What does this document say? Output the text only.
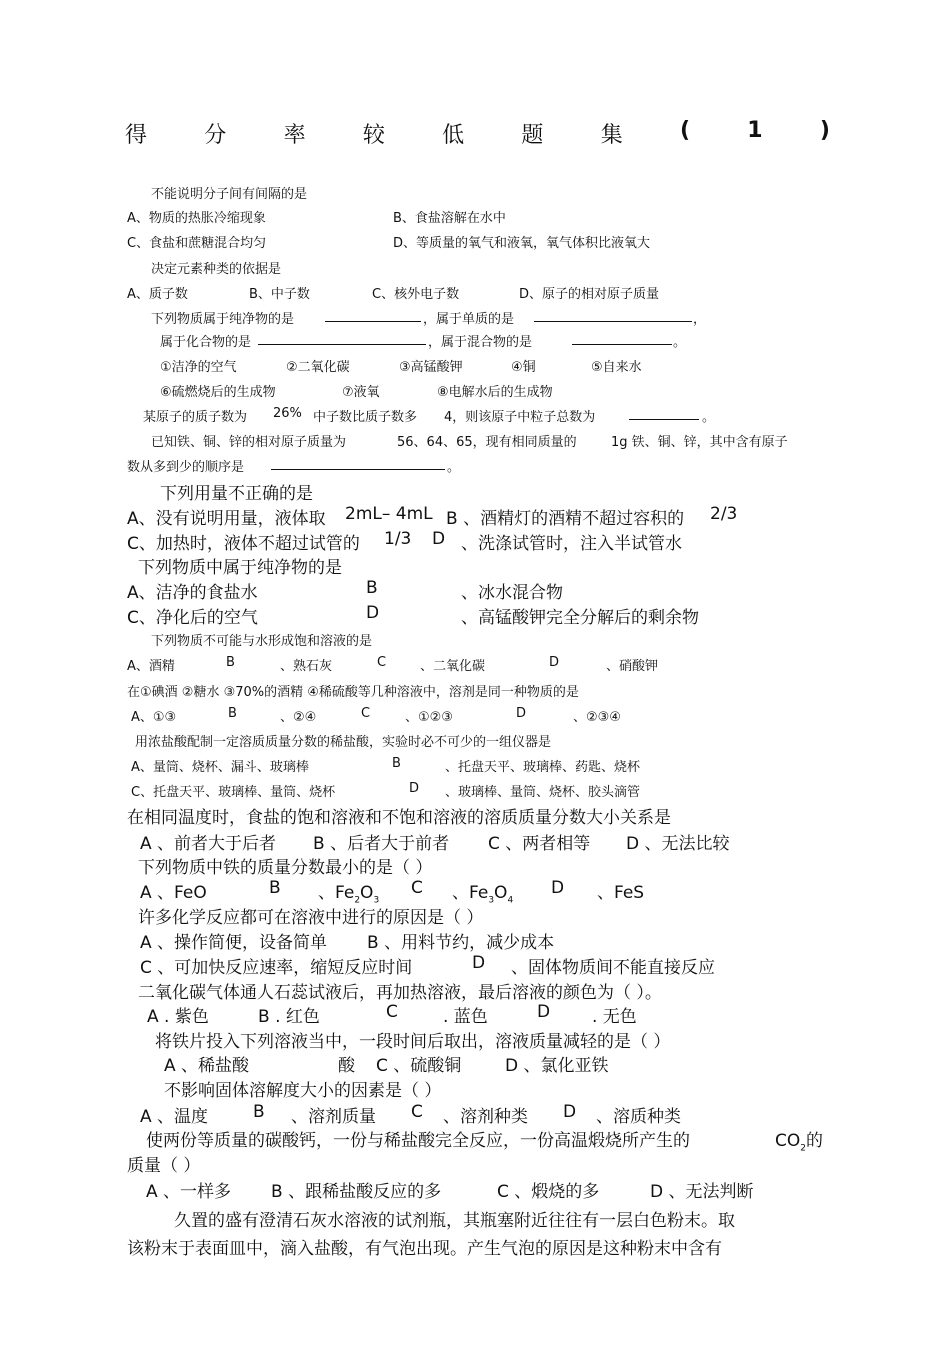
得	分	率	较	低	题	集	(	1	)

不能说明分子间有间隔的是

A、物质的热胀冷缩现象	B、食盐溶解在水中

C、食盐和蔗糖混合均匀	D、等质量的氧气和液氧，氧气体积比液氧大

决定元素种类的依据是

A、质子数	B、中子数	C、核外电子数	D、原子的相对原子质量

下列物质属于纯净物的是	，属于单质的是	，

属于化合物的是	，属于混合物的是	。

①洁净的空气	②二氧化碳	③高锰酸钾	④铜	⑤自来水

⑥硫燃烧后的生成物	⑦液氧	⑧电解水后的生成物

某原子的质子数为 26% 中子数比质子数多 4，则该原子中粒子总数为	。

已知铁、铜、锌的相对原子质量为	56、64、65，现有相同质量的	1g 铁、铜、锌，其中含有原子

数从多到少的顺序是	。

下列用量不正确的是

A、没有说明用量，液体取 2mL– 4mL B 、酒精灯的酒精不超过容积的 2/3

C、加热时，液体不超过试管的 1/3 D 、洗涤试管时，注入半试管水

下列物质中属于纯净物的是

A、洁净的食盐水	B	、冰水混合物

C、净化后的空气	D	、高锰酸钾完全分解后的剩余物

下列物质不可能与水形成饱和溶液的是

A、酒精	B	、熟石灰	C	、二氧化碳	D	、硝酸钾

在①碘酒 ②糖水 ③70%的酒精 ④稀硫酸等几种溶液中，溶剂是同一种物质的是

A、①③	B	、②④	C	、①②③	D	、②③④

用浓盐酸配制一定溶质质量分数的稀盐酸，实验时必不可少的一组仪器是

A、量筒、烧杯、漏斗、玻璃棒	B	、托盘天平、玻璃棒、药匙、烧杯

C、托盘天平、玻璃棒、量筒、烧杯	D 、玻璃棒、量筒、烧杯、胶头滴管

在相同温度时，食盐的饱和溶液和不饱和溶液的溶质质量分数大小关系是

A 、前者大于后者 B 、后者大于前者 C 、两者相等 D 、无法比较

下列物质中铁的质量分数最小的是（ ）

A 、FeO	B 、$Fe_2O_3$

C 、$Fe_3O_4$

D 、FeS

许多化学反应都可在溶液中进行的原因是（ ）

A 、操作简便，设备简单 B 、用料节约，减少成本

C 、可加快反应速率，缩短反应时间	D 、固体物质间不能直接反应

二氧化碳气体通人石蕊试液后，再加热溶液，最后溶液的颜色为（ ）。

A . 紫色	B . 红色	C	. 蓝色	D . 无色

将铁片投入下列溶液当中，一段时间后取出，溶液质量减轻的是（ ）

A 、稀盐酸	酸 C 、硫酸铜	D 、氯化亚铁

不影响固体溶解度大小的因素是（ ）

A 、温度	B 、溶剂质量 C 、溶剂种类 D 、溶质种类

使两份等质量的碳酸钙，一份与稀盐酸完全反应，一份高温煅烧所产生的	$CO_2$的

质量（ ）

A 、一样多 B 、跟稀盐酸反应的多	C 、煅烧的多	D 、无法判断

久置的盛有澄清石灰水溶液的试剂瓶，其瓶塞附近往往有一层白色粉末。取

该粉末于表面皿中，滴入盐酸，有气泡出现。产生气泡的原因是这种粉末中含有
